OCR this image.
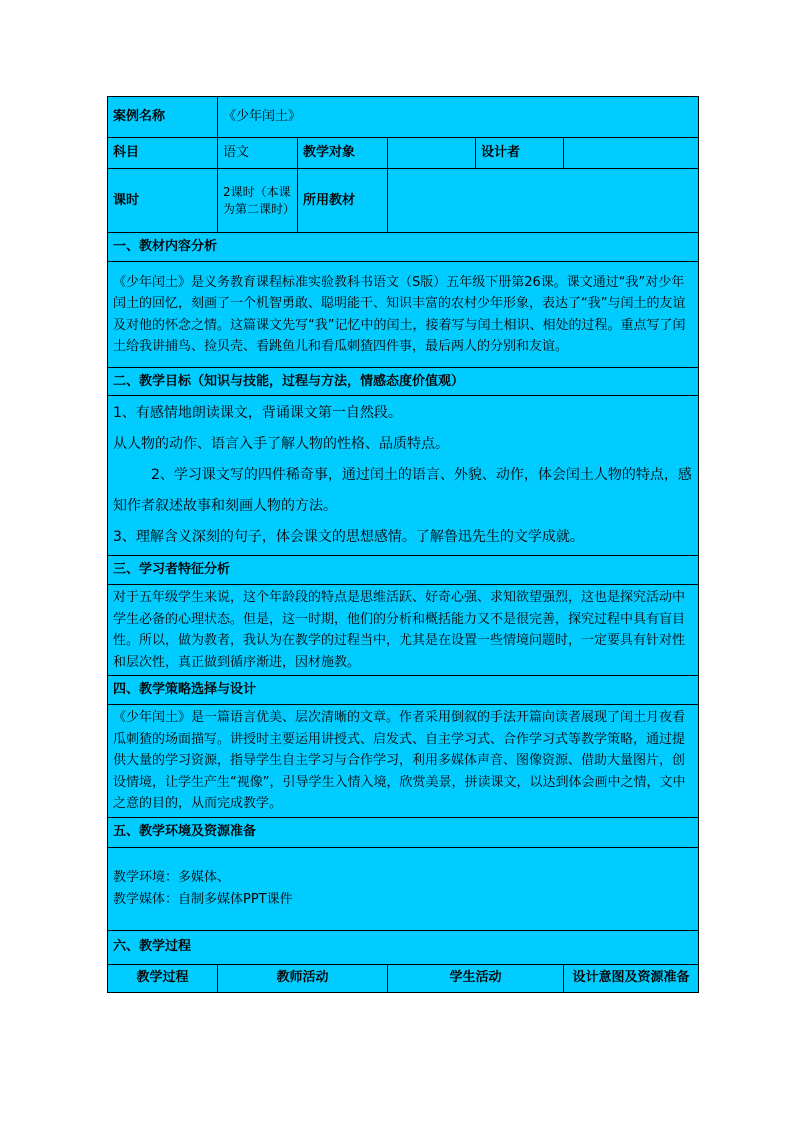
案例名称	《少年闰土》				
科目	语文	教学对象		设计者	
课时	2课时（本课为第二课时）	所用教材			
一、教材内容分析					
《少年闰土》是义务教育课程标准实验教科书语文（S版）五年级下册第26课。课文通过“我”对少年闰土的回忆，刻画了一个机智勇敢、聪明能干、知识丰富的农村少年形象，表达了“我”与闰土的友谊及对他的怀念之情。这篇课文先写“我”记忆中的闰土，接着写与闰土相识、相处的过程。重点写了闰土给我讲捕鸟、捡贝壳、看跳鱼儿和看瓜刺猹四件事，最后两人的分别和友谊。					
二、教学目标（知识与技能，过程与方法，情感态度价值观）					

1、有感情地朗读课文，背诵课文第一自然段。

从人物的动作、语言入手了解人物的性格、品质特点。

2、学习课文写的四件稀奇事，通过闰土的语言、外貌、动作，体会闰土人物的特点，感知作者叙述故事和刻画人物的方法。

3、理解含义深刻的句子，体会课文的思想感情。了解鲁迅先生的文学成就。					

三、学习者特征分析					
对于五年级学生来说，这个年龄段的特点是思维活跃、好奇心强、求知欲望强烈，这也是探究活动中学生必备的心理状态。但是，这一时期，他们的分析和概括能力又不是很完善，探究过程中具有盲目性。所以，做为教者，我认为在教学的过程当中，尤其是在设置一些情境问题时，一定要具有针对性和层次性，真正做到循序渐进，因材施教。					
四、教学策略选择与设计					
《少年闰土》是一篇语言优美、层次清晰的文章。作者采用倒叙的手法开篇向读者展现了闰土月夜看瓜刺猹的场面描写。讲授时主要运用讲授式、启发式、自主学习式、合作学习式等教学策略，通过提供大量的学习资源，指导学生自主学习与合作学习，利用多媒体声音、图像资源、借助大量图片，创设情境，让学生产生“视像”，引导学生入情入境，欣赏美景，拼读课文，以达到体会画中之情，文中之意的目的，从而完成教学。					
五、教学环境及资源准备					

教学环境：多媒体、

教学媒体：自制多媒体PPT课件					

六、教学过程					
教学过程	教师活动		学生活动		设计意图及资源准备
